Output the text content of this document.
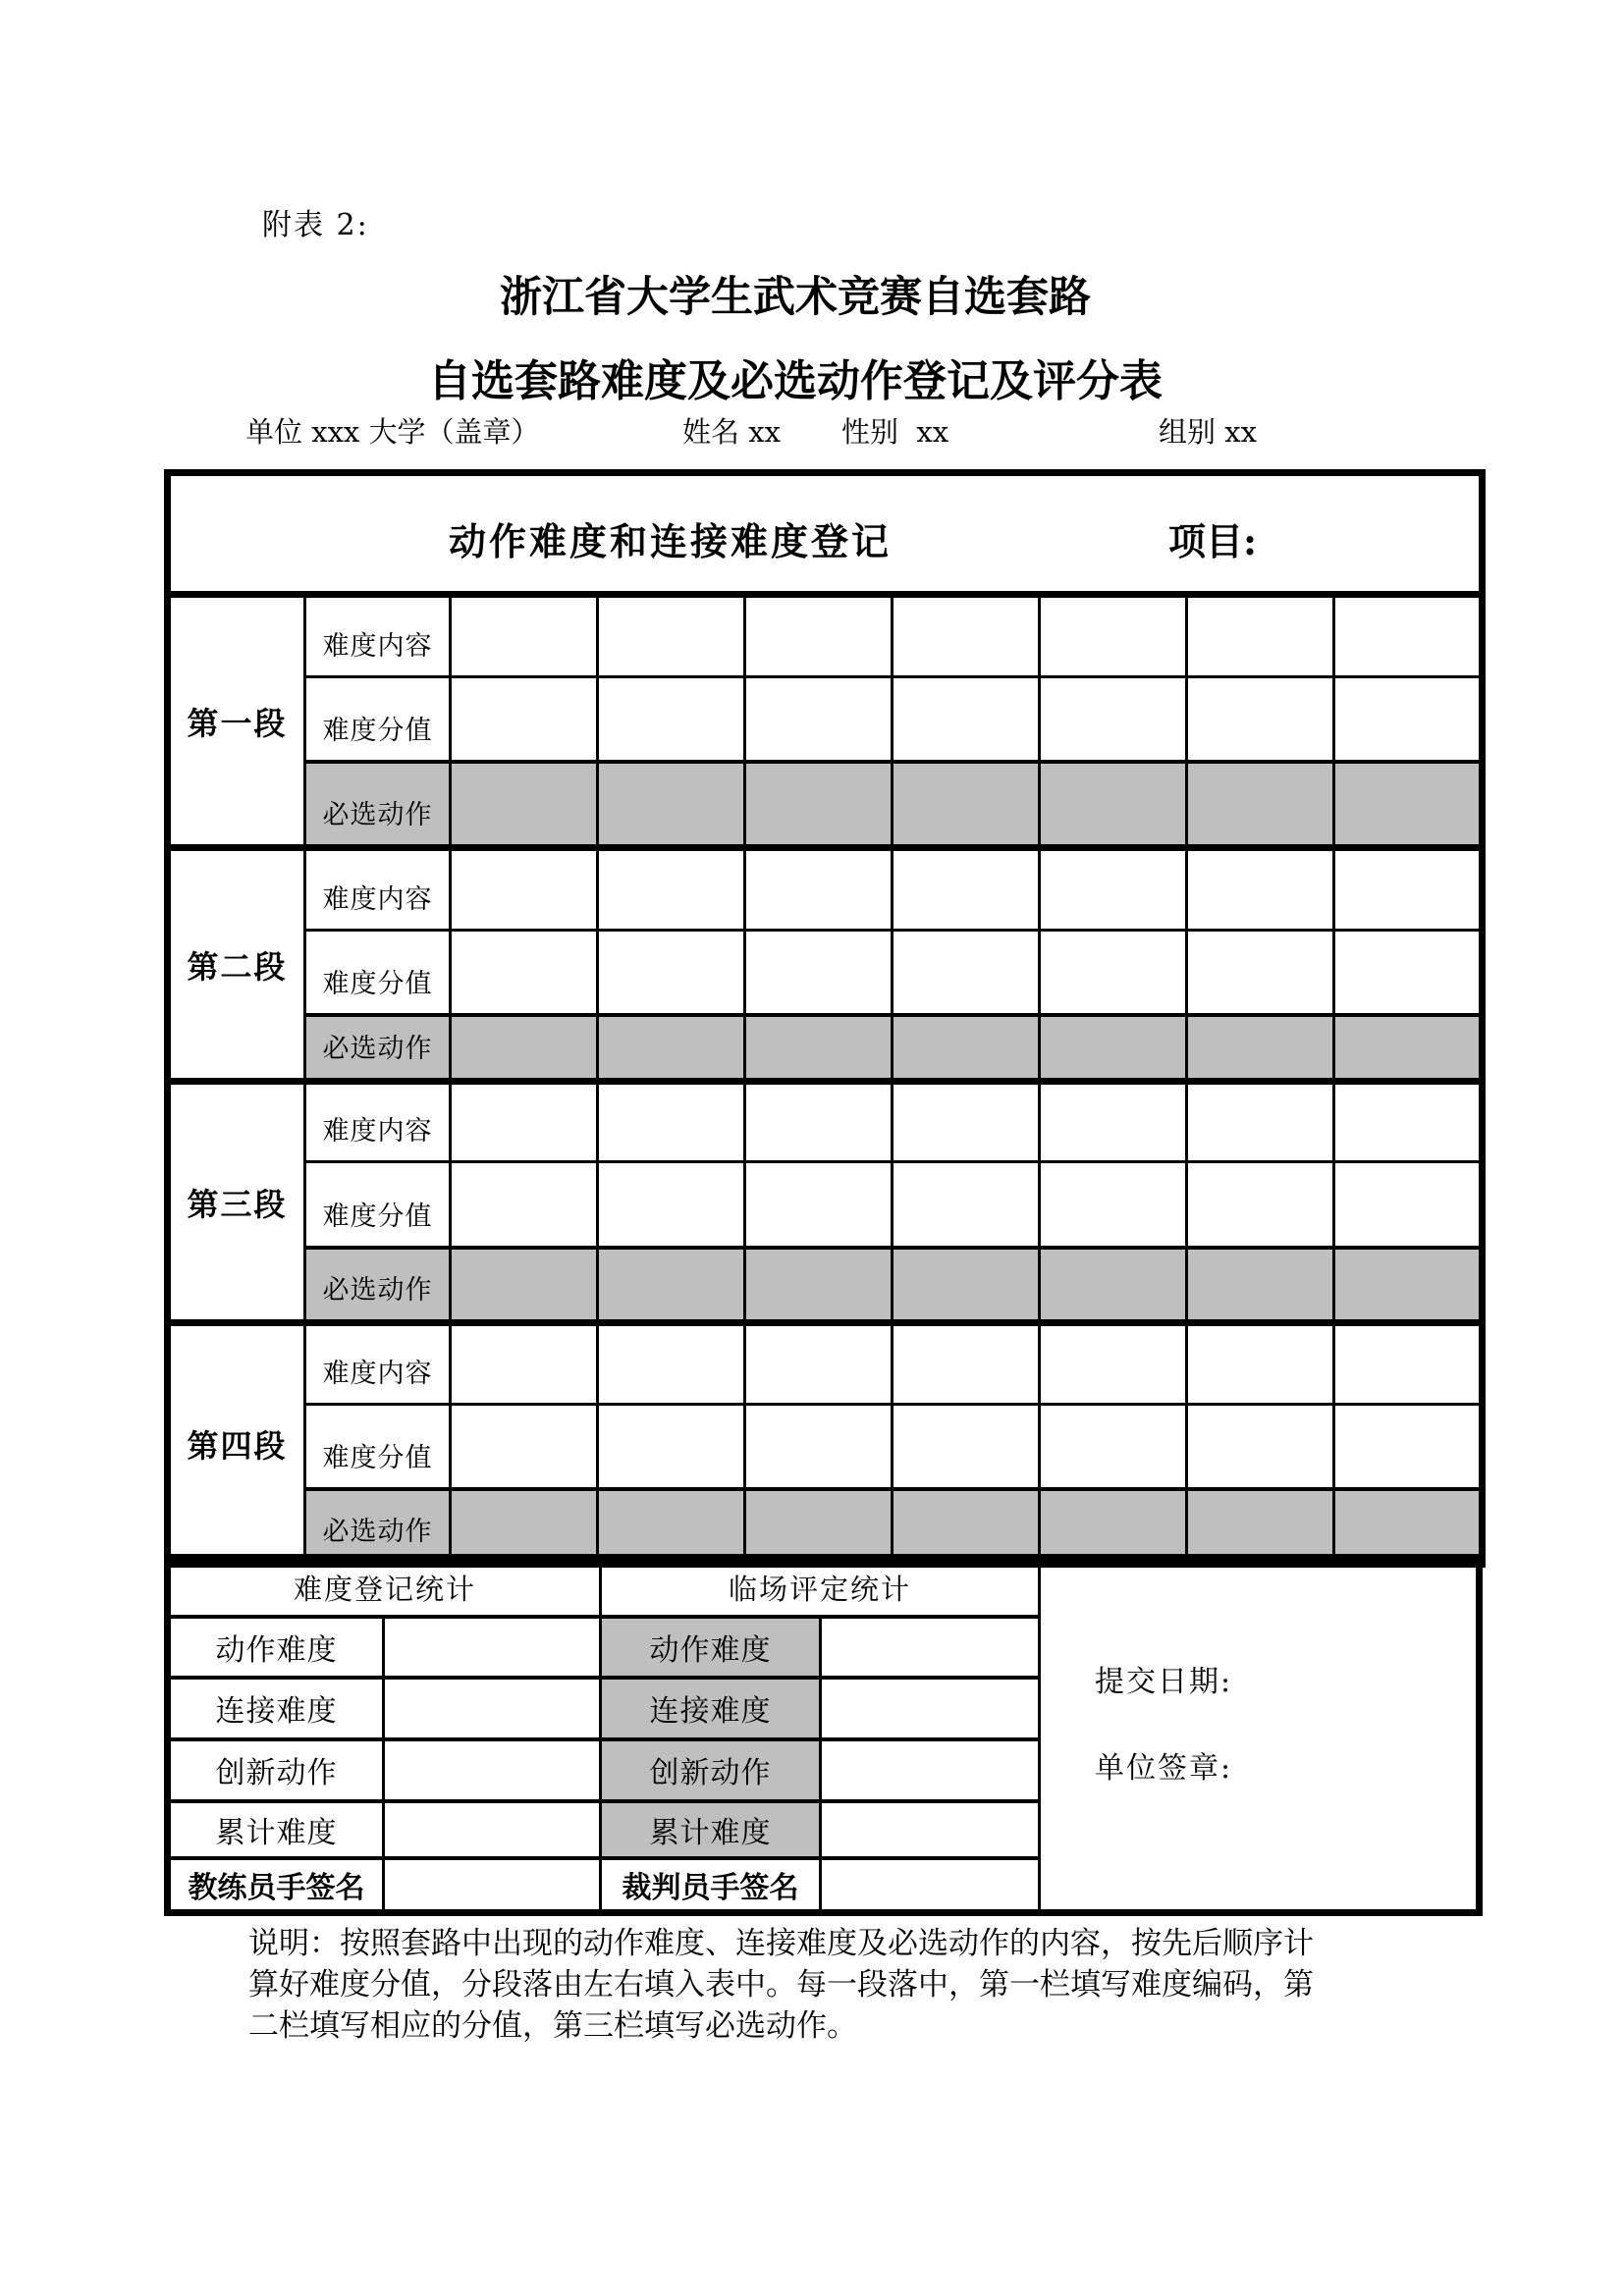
附表 2:
浙江省大学生武术竞赛自选套路
自选套路难度及必选动作登记及评分表
单位 xxx 大学（盖章）	姓名 xx 性别  xx	组别 xx
动作难度和连接难度登记 项目:								

第一段	难度内容							
	难度分值							
	必选动作							
第二段	难度内容							
	难度分值							
	必选动作							
第三段	难度内容							
	难度分值							
	必选动作							
第四段	难度内容							
	难度分值							
	必选动作							
难度登记统计		临场评定统计		提交日期:
单位签章:

动作难度		动作难度		
连接难度		连接难度		
创新动作		创新动作		
累计难度		累计难度		
教练员手签名		裁判员手签名		
说明：按照套路中出现的动作难度、连接难度及必选动作的内容，按先后顺序计
算好难度分值，分段落由左右填入表中。每一段落中，第一栏填写难度编码，第
二栏填写相应的分值，第三栏填写必选动作。
